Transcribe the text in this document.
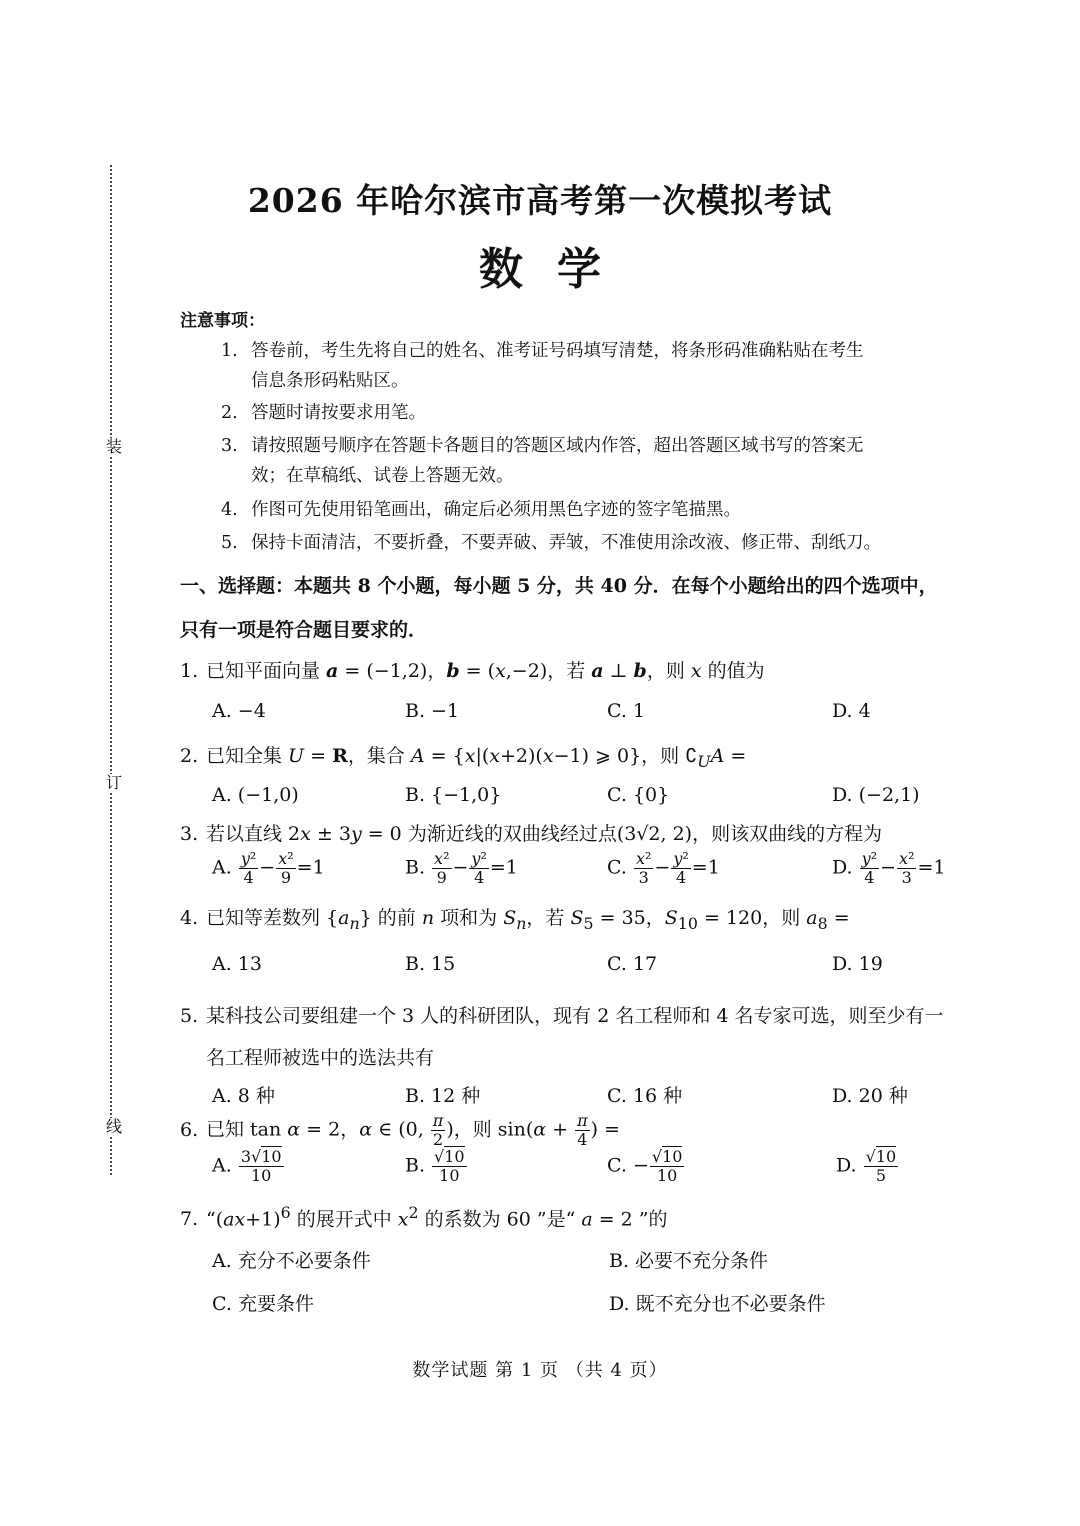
装
订
线
2026 年哈尔滨市高考第一次模拟考试
数学
注意事项：
1. 答卷前，考生先将自己的姓名、准考证号码填写清楚，将条形码准确粘贴在考生
信息条形码粘贴区。
2. 答题时请按要求用笔。
3. 请按照题号顺序在答题卡各题目的答题区域内作答，超出答题区域书写的答案无
效；在草稿纸、试卷上答题无效。
4. 作图可先使用铅笔画出，确定后必须用黑色字迹的签字笔描黑。
5. 保持卡面清洁，不要折叠，不要弄破、弄皱，不准使用涂改液、修正带、刮纸刀。
一、选择题：本题共 8 个小题，每小题 5 分，共 40 分．在每个小题给出的四个选项中，
只有一项是符合题目要求的．
1. 已知平面向量 a = (−1,2)，b = (x,−2)，若 a ⊥ b，则 x 的值为
A. −4	B. −1	C. 1	D. 4
2. 已知全集 U = R，集合 A = {x|(x+2)(x−1) ⩾ 0}，则 $∁_UA$ =
A. (−1,0)	B. {−1,0}	C. {0}	D. (−2,1)
3. 若以直线 2x ± 3y = 0 为渐近线的双曲线经过点(3√2, 2)，则该双曲线的方程为
A. $\frac{\text{y²}}{4} - \frac{\text{x²}}{9} =1$	B. $\frac{\text{x²}}{9} - \frac{\text{y²}}{4} =1$	C. $\frac{\text{x²}}{3} - \frac{\text{y²}}{4} =1$	D. $\frac{\text{y²}}{4} - \frac{\text{x²}}{3} =1$
4. 已知等差数列 $\{a_n\}$ 的前 n 项和为 $S_n$，若 $S_5 = 35$，$S_{10} = 120$，则 $a_8$ =
A. 13	B. 15	C. 17	D. 19
5. 某科技公司要组建一个 3 人的科研团队，现有 2 名工程师和 4 名专家可选，则至少有一
名工程师被选中的选法共有
A. 8 种	B. 12 种	C. 16 种	D. 20 种
6. 已知 tan α = 2，α ∈ (0, $\frac{\pi}{2}$ )，则 $\sin(\alpha + \frac{\pi}{4}$ ) =
A. $\frac{3√10}{10}$	B. $\frac{√10}{10}$	C. − $\frac{√10}{10}$	D. $\frac{√10}{5}$
7. “$(ax+1)^6$ 的展开式中 $x^2$ 的系数为 60 ”是“ a = 2 ”的
A. 充分不必要条件	B. 必要不充分条件
C. 充要条件	D. 既不充分也不必要条件
数学试题 第 1 页 （共 4 页）
